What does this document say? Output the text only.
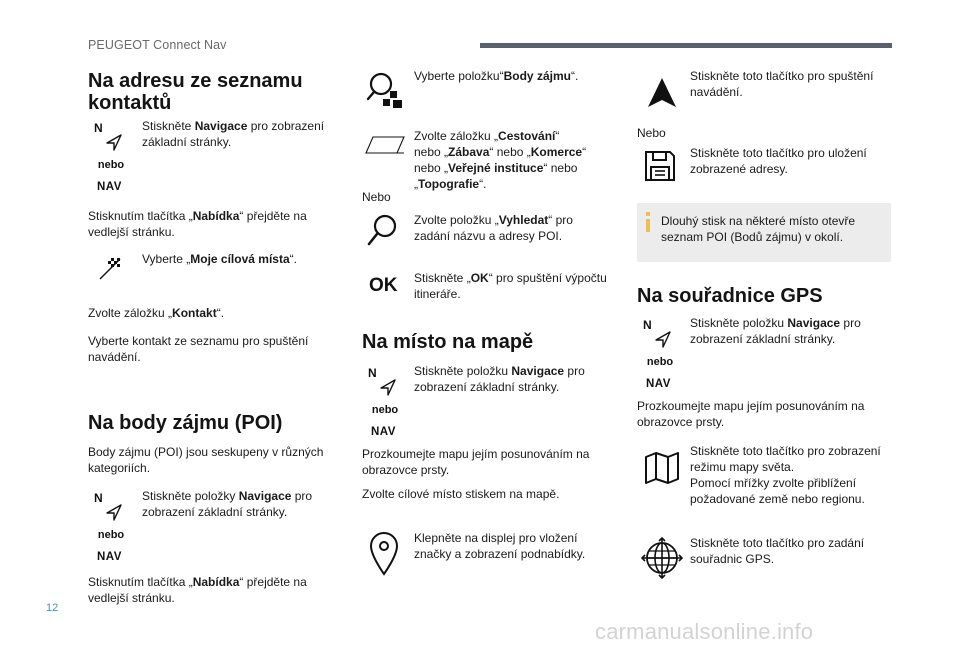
PEUGEOT Connect Nav
Na adresu ze seznamu
kontaktů
N
nebo
NAV

Stiskněte Navigace pro zobrazení
základní stránky.

Stisknutím tlačítka „Nabídka“ přejděte na
vedlejší stránku.

Vyberte „Moje cílová místa“.

Zvolte záložku „Kontakt“.

Vyberte kontakt ze seznamu pro spuštění
navádění.

Na body zájmu (POI)

Body zájmu (POI) jsou seskupeny v různých
kategoriích.

N
nebo
NAV

Stiskněte položky Navigace pro
zobrazení základní stránky.

Stisknutím tlačítka „Nabídka“ přejděte na
vedlejší stránku.

Vyberte položku“Body zájmu“.

Zvolte záložku „Cestování“
nebo „Zábava“ nebo „Komerce“
nebo „Veřejné instituce“ nebo
„Topografie“.

Nebo

Zvolte položku „Vyhledat“ pro
zadání názvu a adresy POI.

OK Stiskněte „OK“ pro spuštění výpočtu
itineráře.

Na místo na mapě
N
nebo
NAV

Stiskněte položku Navigace pro
zobrazení základní stránky.

Prozkoumejte mapu jejím posunováním na
obrazovce prsty.

Zvolte cílové místo stiskem na mapě.

Klepněte na displej pro vložení
značky a zobrazení podnabídky.

Stiskněte toto tlačítko pro spuštění
navádění.

Nebo

Stiskněte toto tlačítko pro uložení
zobrazené adresy.

Dlouhý stisk na některé místo otevře
seznam POI (Bodů zájmu) v okolí.

Na souřadnice GPS
N
nebo
NAV

Stiskněte položku Navigace pro
zobrazení základní stránky.

Prozkoumejte mapu jejím posunováním na
obrazovce prsty.

Stiskněte toto tlačítko pro zobrazení
režimu mapy světa.
Pomocí mřížky zvolte přiblížení
požadované země nebo regionu.

Stiskněte toto tlačítko pro zadání
souřadnic GPS.

12
carmanualsonline.info
